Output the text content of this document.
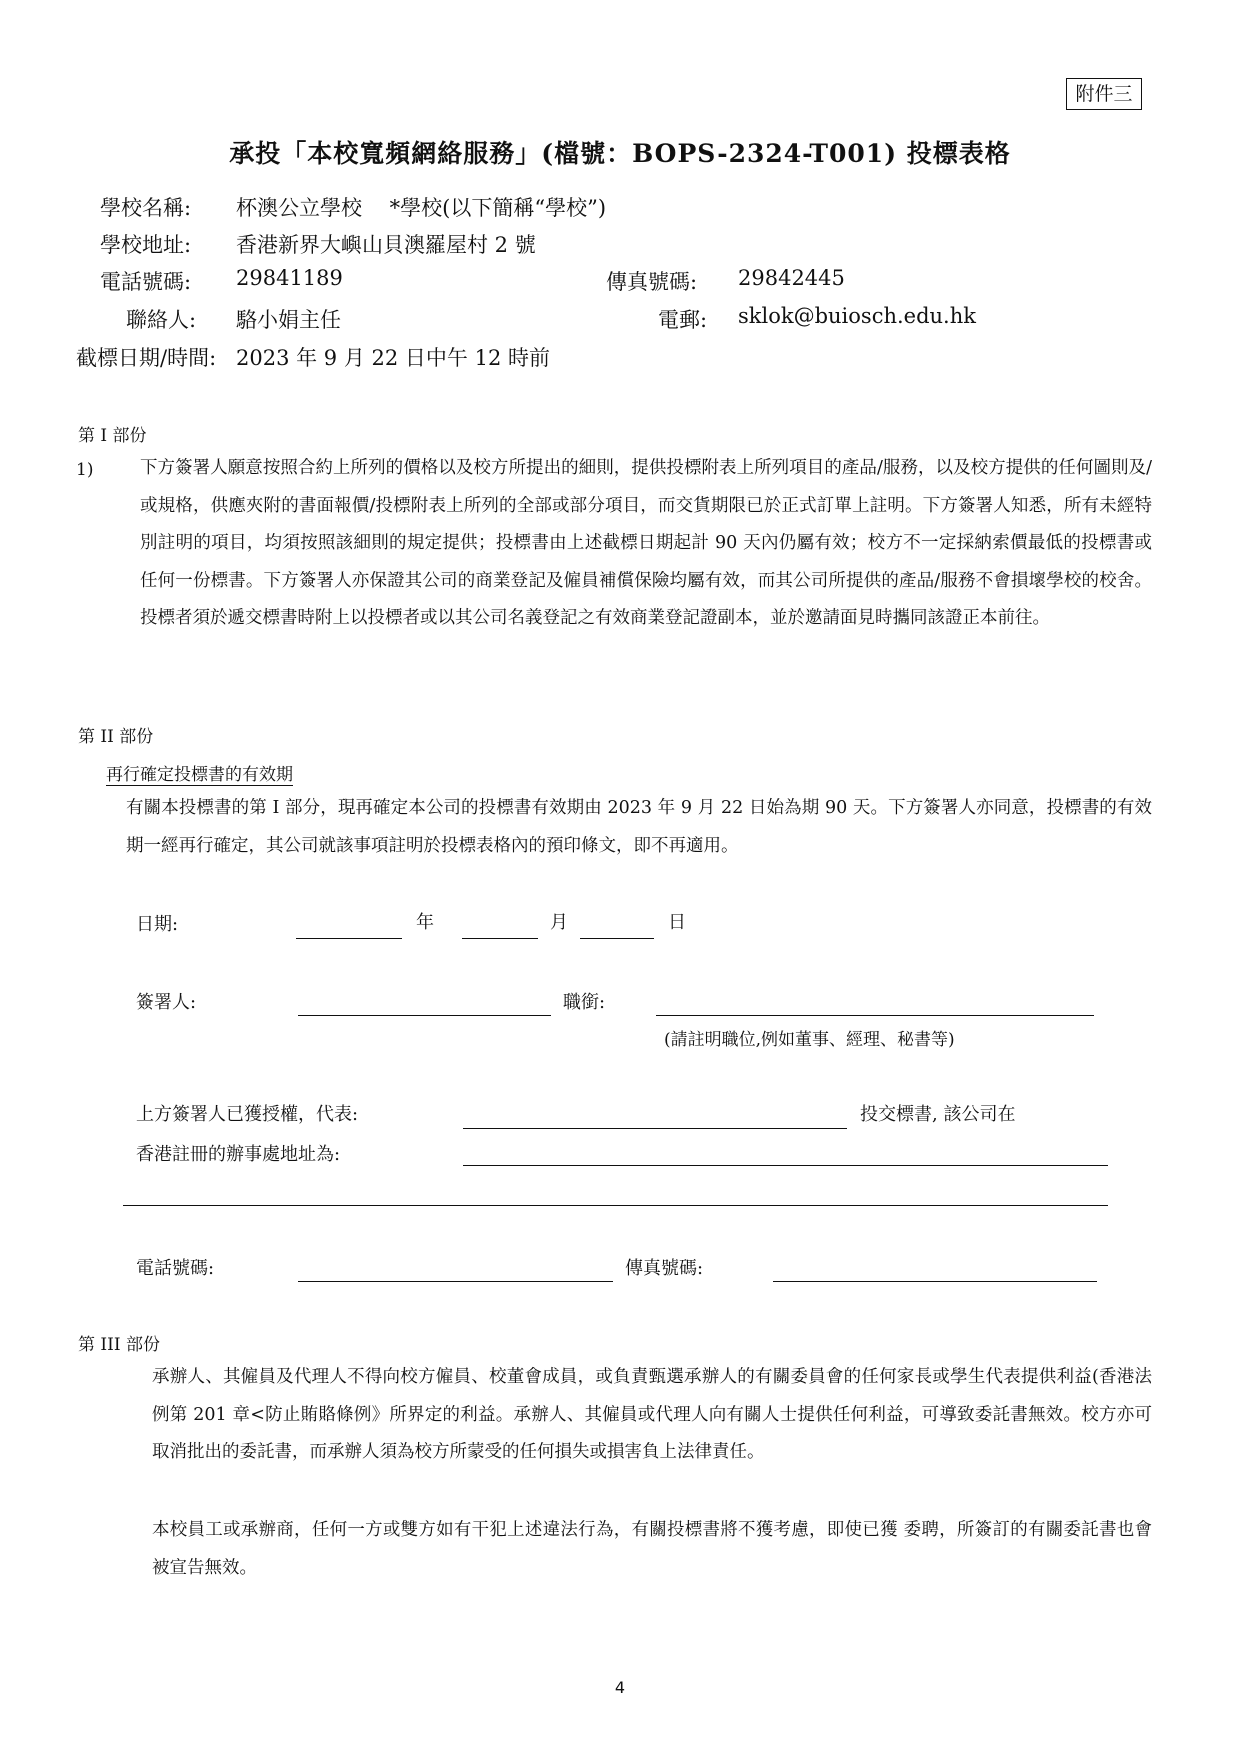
附件三
承投「本校寬頻網絡服務」(檔號：BOPS-2324-T001) 投標表格
學校名稱: 杯澳公立學校　 *學校(以下簡稱“學校”)
學校地址: 香港新界大嶼山貝澳羅屋村 2 號
電話號碼: 29841189	傳真號碼: 29842445
聯絡人: 駱小娟主任	電郵: sklok@buiosch.edu.hk
截標日期/時間: 2023 年 9 月 22 日中午 12 時前
第 I 部份
1)	下方簽署人願意按照合約上所列的價格以及校方所提出的細則，提供投標附表上所列項目的產品/服務，以及校方提供的任何圖則及/或規格，供應夾附的書面報價/投標附表上所列的全部或部分項目，而交貨期限已於正式訂單上註明。下方簽署人知悉，所有未經特別註明的項目，均須按照該細則的規定提供；投標書由上述截標日期起計 90 天內仍屬有效；校方不一定採納索價最低的投標書或任何一份標書。下方簽署人亦保證其公司的商業登記及僱員補償保險均屬有效，而其公司所提供的產品/服務不會損壞學校的校舍。投標者須於遞交標書時附上以投標者或以其公司名義登記之有效商業登記證副本，並於邀請面見時攜同該證正本前往。
第 II 部份
再行確定投標書的有效期
有關本投標書的第 I 部分，現再確定本公司的投標書有效期由 2023 年 9 月 22 日始為期 90 天。下方簽署人亦同意，投標書的有效期一經再行確定，其公司就該事項註明於投標表格內的預印條文，即不再適用。
日期:	年	月	日
簽署人:	職銜:
(請註明職位,例如董事、經理、秘書等)
上方簽署人已獲授權，代表:	投交標書, 該公司在
香港註冊的辦事處地址為:
電話號碼:	傳真號碼:
第 III 部份
承辦人、其僱員及代理人不得向校方僱員、校董會成員，或負責甄選承辦人的有關委員會的任何家長或學生代表提供利益(香港法例第 201 章<防止賄賂條例》所界定的利益。承辦人、其僱員或代理人向有關人士提供任何利益，可導致委託書無效。校方亦可取消批出的委託書，而承辦人須為校方所蒙受的任何損失或損害負上法律責任。
本校員工或承辦商，任何一方或雙方如有干犯上述違法行為，有關投標書將不獲考慮，即使已獲 委聘，所簽訂的有關委託書也會被宣告無效。
4
